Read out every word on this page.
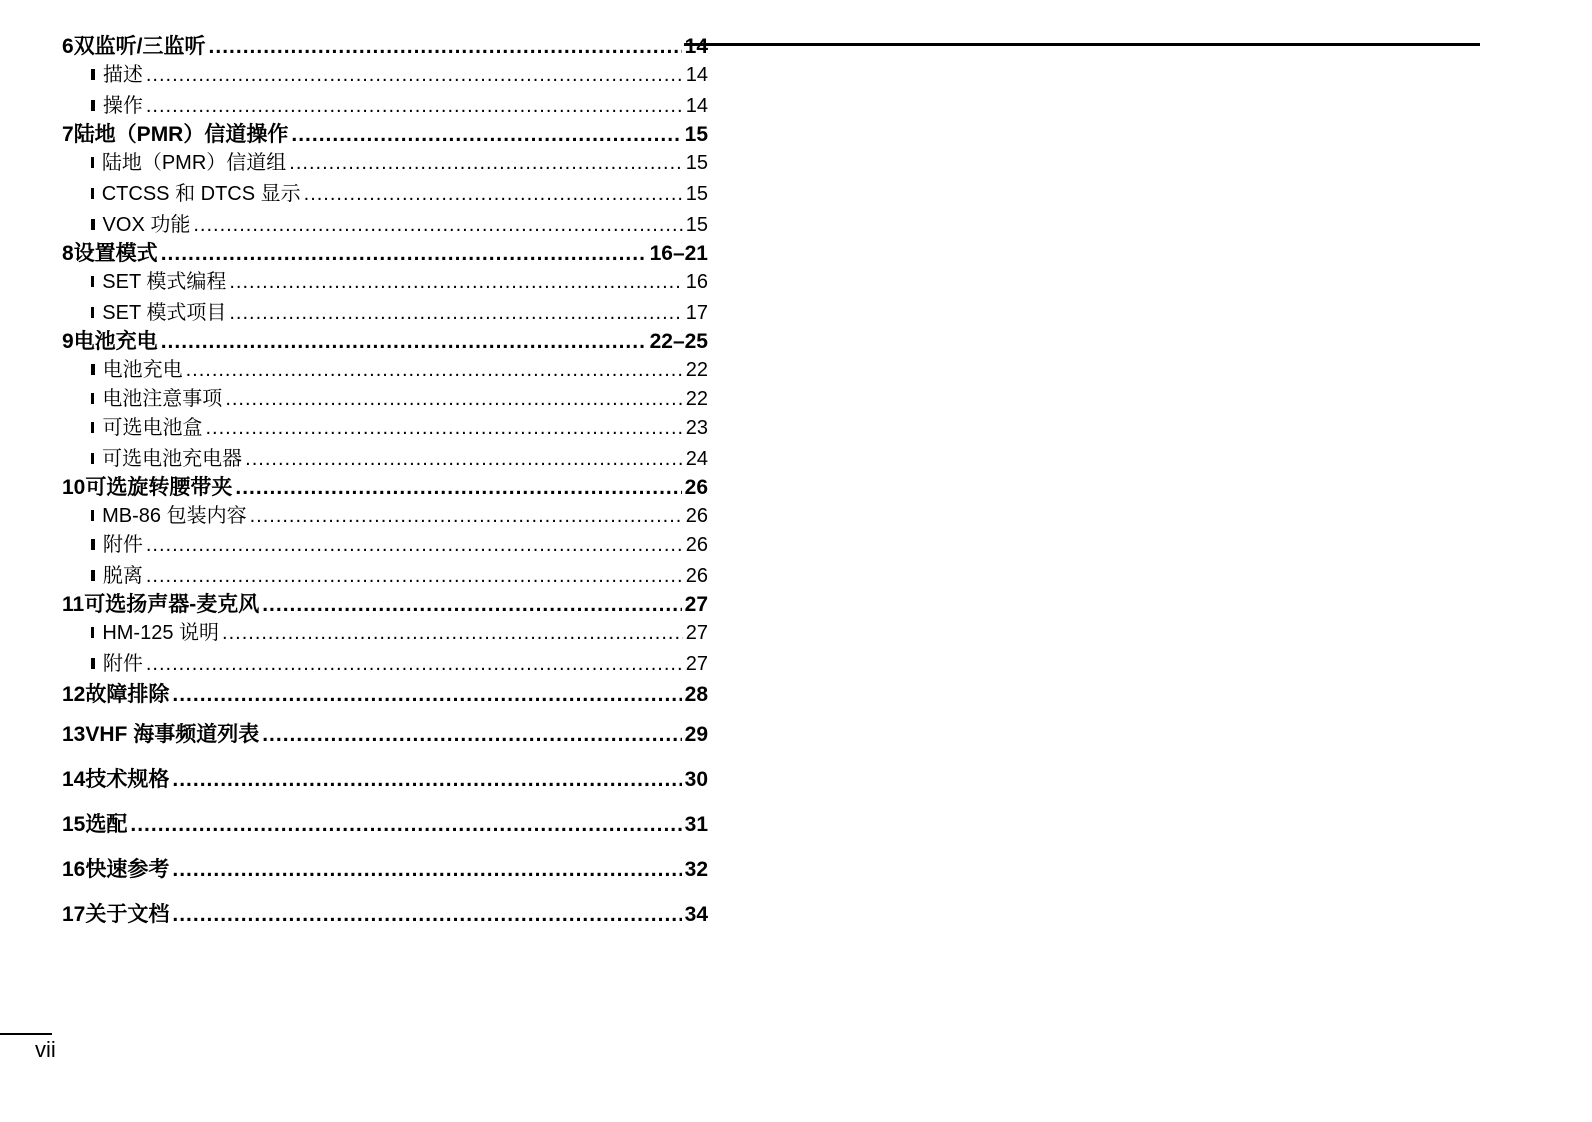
6 双监听/三监听 .....	14
描述 .....	14
操作 .....	14
7 陆地（PMR）信道操作 .....	15
陆地（PMR）信道组 .....	15
CTCSS 和 DTCS 显示 .....	15
VOX 功能 .....	15
8 设置模式 .....	16–21
SET 模式编程 .....	16
SET 模式项目 .....	17
9 电池充电 .....	22–25
电池充电 .....	22
电池注意事项 .....	22
可选电池盒 .....	23
可选电池充电器 .....	24
10 可选旋转腰带夹 .....	26
MB-86 包装内容 .....	26
附件 .....	26
脱离 .....	26
11 可选扬声器-麦克风 .....	27
HM-125 说明 .....	27
附件 .....	27
12 故障排除 .....	28
13 VHF 海事频道列表 .....	29
14 技术规格 .....	30
15 选配 .....	31
16 快速参考 .....	32
17 关于文档 .....	34
vii
